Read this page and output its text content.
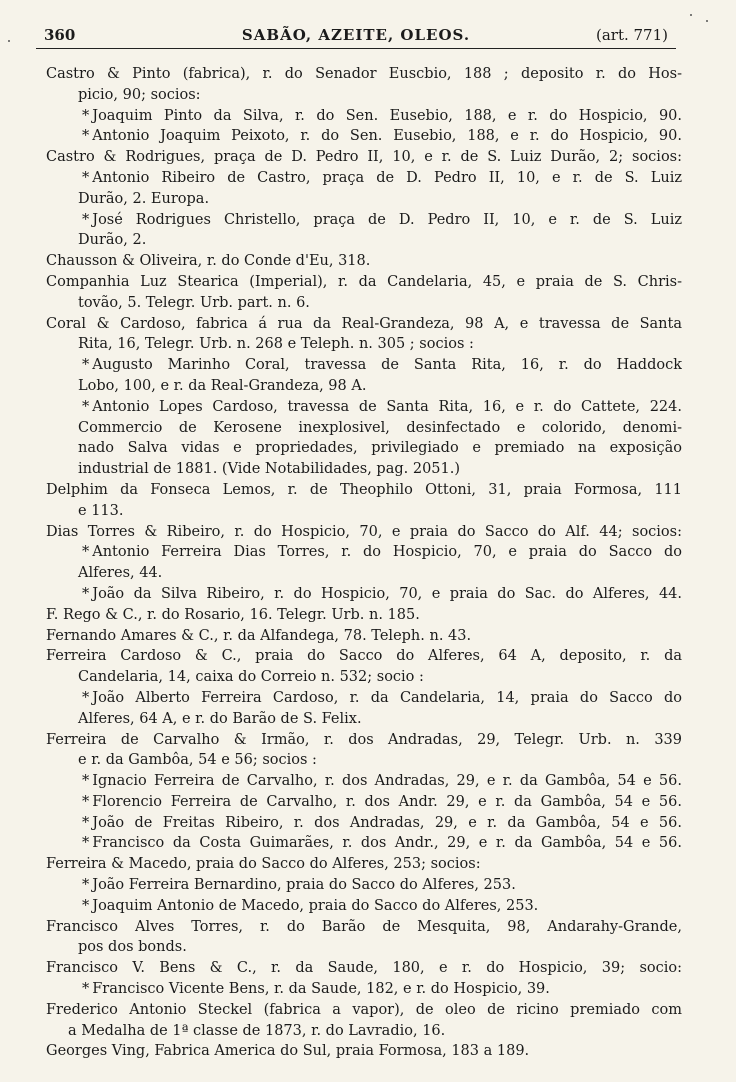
360	SABÃO, AZEITE, OLEOS.	(art. 771)
Castro & Pinto (fabrica), r. do Senador Euscbio, 188 ; deposito r. do Hos-
picio, 90; socios:
* Joaquim Pinto da Silva, r. do Sen. Eusebio, 188, e r. do Hospicio, 90.
* Antonio Joaquim Peixoto, r. do Sen. Eusebio, 188, e r. do Hospicio, 90.
Castro & Rodrigues, praça de D. Pedro II, 10, e r. de S. Luiz Durão, 2; socios:
* Antonio Ribeiro de Castro, praça de D. Pedro II, 10, e r. de S. Luiz
Durão, 2. Europa.
* José Rodrigues Christello, praça de D. Pedro II, 10, e r. de S. Luiz
Durão, 2.
Chausson & Oliveira, r. do Conde d'Eu, 318.
Companhia Luz Stearica (Imperial), r. da Candelaria, 45, e praia de S. Chris-
tovão, 5. Telegr. Urb. part. n. 6.
Coral & Cardoso, fabrica á rua da Real-Grandeza, 98 A, e travessa de Santa
Rita, 16, Telegr. Urb. n. 268 e Teleph. n. 305 ; socios :
* Augusto Marinho Coral, travessa de Santa Rita, 16, r. do Haddock
Lobo, 100, e r. da Real-Grandeza, 98 A.
* Antonio Lopes Cardoso, travessa de Santa Rita, 16, e r. do Cattete, 224.
Commercio de Kerosene inexplosivel, desinfectado e colorido, denomi-
nado Salva vidas e propriedades, privilegiado e premiado na exposição
industrial de 1881. (Vide Notabilidades, pag. 2051.)
Delphim da Fonseca Lemos, r. de Theophilo Ottoni, 31, praia Formosa, 111
e 113.
Dias Torres & Ribeiro, r. do Hospicio, 70, e praia do Sacco do Alf. 44; socios:
* Antonio Ferreira Dias Torres, r. do Hospicio, 70, e praia do Sacco do
Alferes, 44.
* João da Silva Ribeiro, r. do Hospicio, 70, e praia do Sac. do Alferes, 44.
F. Rego & C., r. do Rosario, 16. Telegr. Urb. n. 185.
Fernando Amares & C., r. da Alfandega, 78. Teleph. n. 43.
Ferreira Cardoso & C., praia do Sacco do Alferes, 64 A, deposito, r. da
Candelaria, 14, caixa do Correio n. 532; socio :
* João Alberto Ferreira Cardoso, r. da Candelaria, 14, praia do Sacco do
Alferes, 64 A, e r. do Barão de S. Felix.
Ferreira de Carvalho & Irmão, r. dos Andradas, 29, Telegr. Urb. n. 339
e r. da Gambôa, 54 e 56; socios :
* Ignacio Ferreira de Carvalho, r. dos Andradas, 29, e r. da Gambôa, 54 e 56.
* Florencio Ferreira de Carvalho, r. dos Andr. 29, e r. da Gambôa, 54 e 56.
* João de Freitas Ribeiro, r. dos Andradas, 29, e r. da Gambôa, 54 e 56.
* Francisco da Costa Guimarães, r. dos Andr., 29, e r. da Gambôa, 54 e 56.
Ferreira & Macedo, praia do Sacco do Alferes, 253; socios:
* João Ferreira Bernardino, praia do Sacco do Alferes, 253.
* Joaquim Antonio de Macedo, praia do Sacco do Alferes, 253.
Francisco Alves Torres, r. do Barão de Mesquita, 98, Andarahy-Grande,
pos dos bonds.
Francisco V. Bens & C., r. da Saude, 180, e r. do Hospicio, 39; socio:
* Francisco Vicente Bens, r. da Saude, 182, e r. do Hospicio, 39.
Frederico Antonio Steckel (fabrica a vapor), de oleo de ricino premiado com
a Medalha de 1ª classe de 1873, r. do Lavradio, 16.
Georges Ving, Fabrica America do Sul, praia Formosa, 183 a 189.
